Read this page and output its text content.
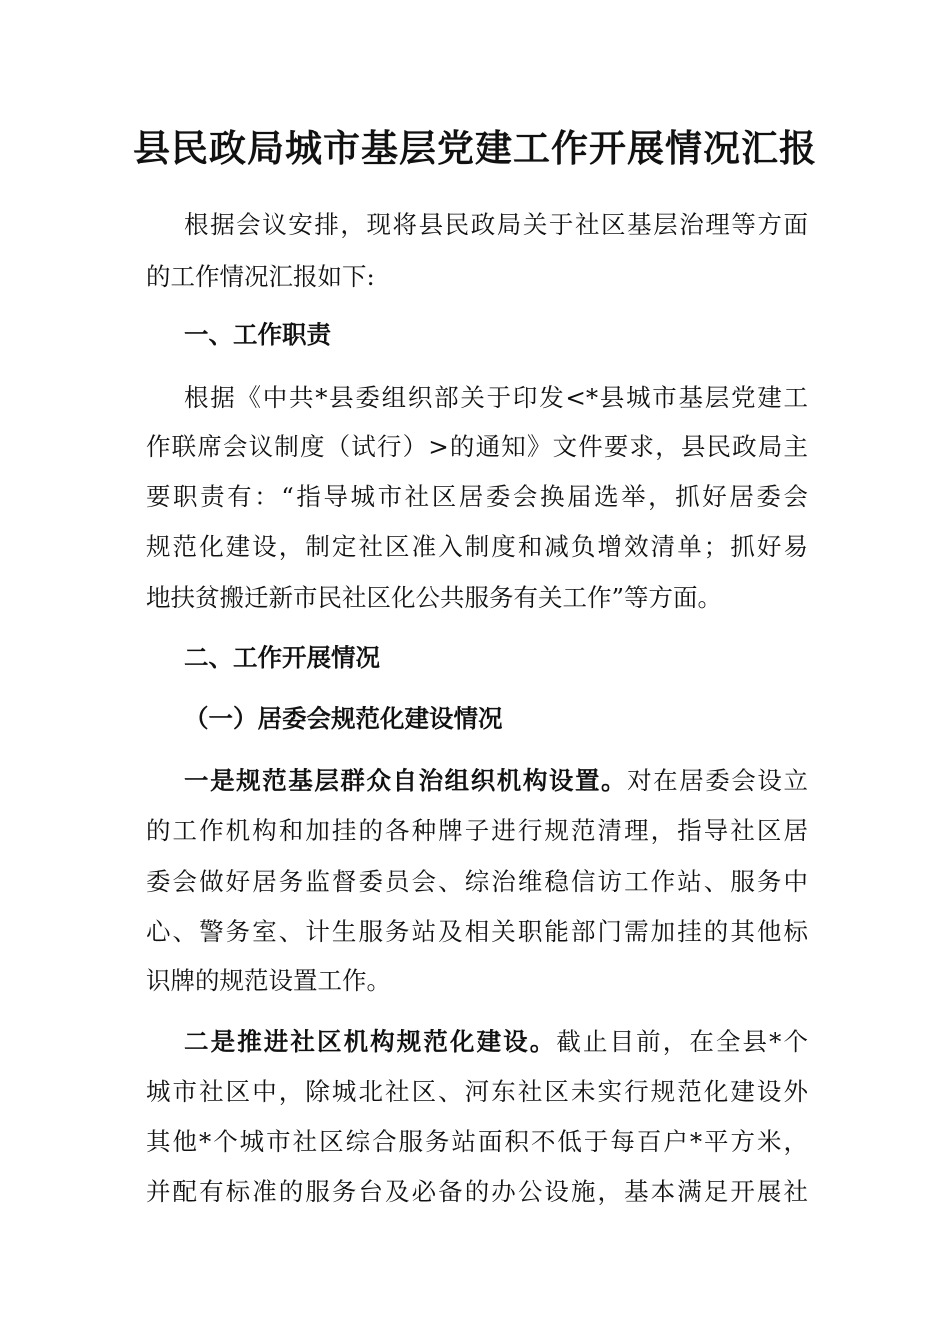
县民政局城市基层党建工作开展情况汇报
根据会议安排，现将县民政局关于社区基层治理等方面
的工作情况汇报如下:
一、工作职责
根据《中共*县委组织部关于印发<*县城市基层党建工
作联席会议制度（试行）>的通知》文件要求，县民政局主
要职责有：“指导城市社区居委会换届选举，抓好居委会
规范化建设，制定社区准入制度和减负增效清单；抓好易
地扶贫搬迁新市民社区化公共服务有关工作”等方面。
二、工作开展情况
（一）居委会规范化建设情况
一是规范基层群众自治组织机构设置。对在居委会设立
的工作机构和加挂的各种牌子进行规范清理，指导社区居
委会做好居务监督委员会、综治维稳信访工作站、服务中
心、警务室、计生服务站及相关职能部门需加挂的其他标
识牌的规范设置工作。
二是推进社区机构规范化建设。截止目前，在全县*个
城市社区中，除城北社区、河东社区未实行规范化建设外
其他*个城市社区综合服务站面积不低于每百户*平方米，
并配有标准的服务台及必备的办公设施，基本满足开展社
